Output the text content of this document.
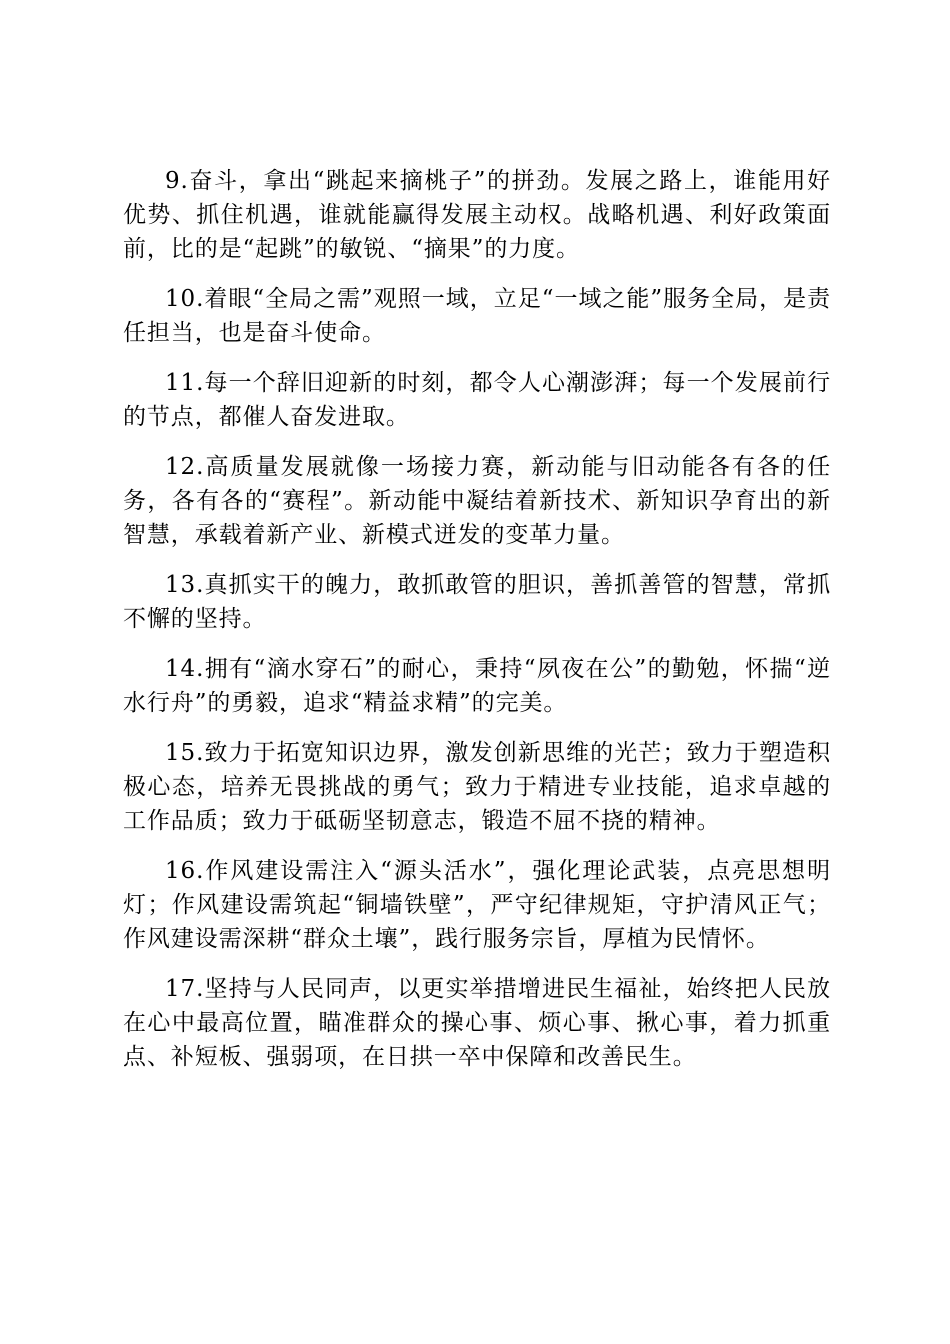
9.奋斗，拿出“跳起来摘桃子”的拼劲。发展之路上，谁能用好优势、抓住机遇，谁就能赢得发展主动权。战略机遇、利好政策面前，比的是“起跳”的敏锐、“摘果”的力度。

10.着眼“全局之需”观照一域，立足“一域之能”服务全局，是责任担当，也是奋斗使命。

11.每一个辞旧迎新的时刻，都令人心潮澎湃；每一个发展前行的节点，都催人奋发进取。

12.高质量发展就像一场接力赛，新动能与旧动能各有各的任务，各有各的“赛程”。新动能中凝结着新技术、新知识孕育出的新智慧，承载着新产业、新模式迸发的变革力量。

13.真抓实干的魄力，敢抓敢管的胆识，善抓善管的智慧，常抓不懈的坚持。

14.拥有“滴水穿石”的耐心，秉持“夙夜在公”的勤勉，怀揣“逆水行舟”的勇毅，追求“精益求精”的完美。

15.致力于拓宽知识边界，激发创新思维的光芒；致力于塑造积极心态，培养无畏挑战的勇气；致力于精进专业技能，追求卓越的工作品质；致力于砥砺坚韧意志，锻造不屈不挠的精神。

16.作风建设需注入“源头活水”，强化理论武装，点亮思想明灯；作风建设需筑起“铜墙铁壁”，严守纪律规矩，守护清风正气；作风建设需深耕“群众土壤”，践行服务宗旨，厚植为民情怀。

17.坚持与人民同声，以更实举措增进民生福祉，始终把人民放在心中最高位置，瞄准群众的操心事、烦心事、揪心事，着力抓重点、补短板、强弱项，在日拱一卒中保障和改善民生。
